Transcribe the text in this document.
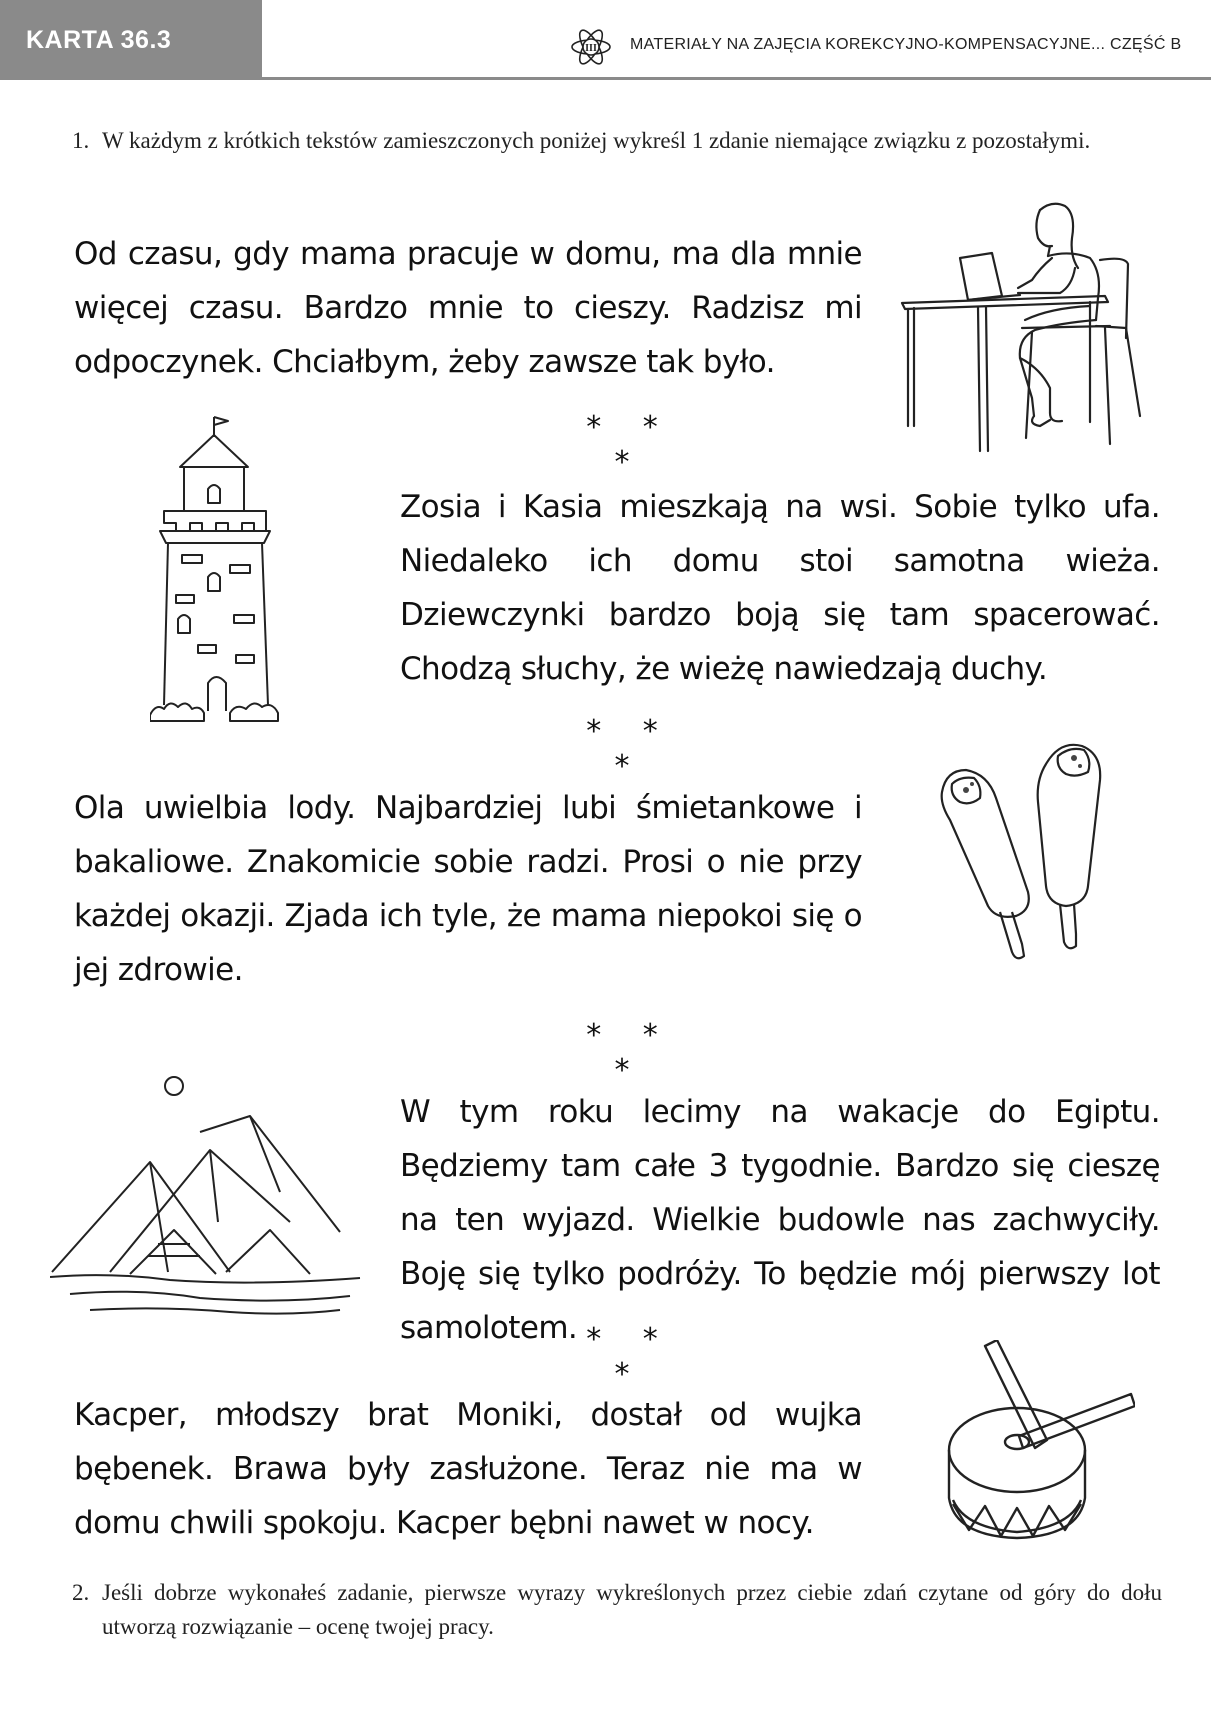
KARTA 36.3	III MATERIAŁY NA ZAJĘCIA KOREKCYJNO-KOMPENSACYJNE... CZĘŚĆ B
1. W każdym z krótkich tekstów zamieszczonych poniżej wykreśl 1 zdanie niemające związku z pozostałymi.
Od czasu, gdy mama pracuje w domu, ma dla mnie więcej czasu. Bardzo mnie to cieszy. Radzisz mi odpoczynek. Chciałbym, żeby zawsze tak było.
* * *
Zosia i Kasia mieszkają na wsi. Sobie tylko ufa. Niedaleko ich domu stoi samotna wieża. Dziewczynki bardzo boją się tam spacerować. Chodzą słuchy, że wieżę nawiedzają duchy.
* * *
Ola uwielbia lody. Najbardziej lubi śmietankowe i bakaliowe. Znakomicie sobie radzi. Prosi o nie przy każdej okazji. Zjada ich tyle, że mama niepokoi się o jej zdrowie.
* * *
W tym roku lecimy na wakacje do Egiptu. Będziemy tam całe 3 tygodnie. Bardzo się cieszę na ten wyjazd. Wielkie budowle nas zachwyciły. Boję się tylko podróży. To będzie mój pierwszy lot samolotem. * * *
Kacper, młodszy brat Moniki, dostał od wujka bębenek. Brawa były zasłużone. Teraz nie ma w domu chwili spokoju. Kacper bębni nawet w nocy.
2. Jeśli dobrze wykonałeś zadanie, pierwsze wyrazy wykreślonych przez ciebie zdań czytane od góry do dołu utworzą rozwiązanie – ocenę twojej pracy.
